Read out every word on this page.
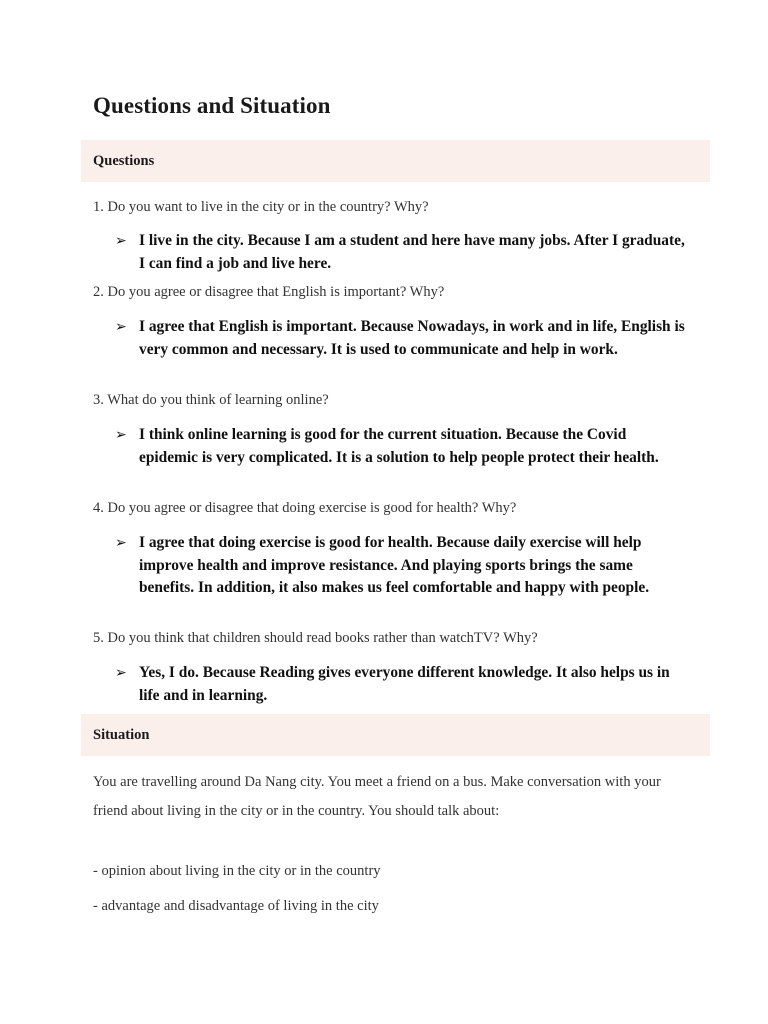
Questions and Situation
Questions

1. Do you want to live in the city or in the country? Why?

➢ I live in the city. Because I am a student and here have many jobs. After I graduate, I can find a job and live here.

2. Do you agree or disagree that English is important? Why?

➢ I agree that English is important. Because Nowadays, in work and in life, English is very common and necessary. It is used to communicate and help in work.

3. What do you think of learning online?

➢ I think online learning is good for the current situation. Because the Covid epidemic is very complicated. It is a solution to help people protect their health.

4. Do you agree or disagree that doing exercise is good for health? Why?

➢ I agree that doing exercise is good for health. Because daily exercise will help improve health and improve resistance. And playing sports brings the same benefits. In addition, it also makes us feel comfortable and happy with people.

5. Do you think that children should read books rather than watchTV? Why?

➢ Yes, I do. Because Reading gives everyone different knowledge. It also helps us in life and in learning.
Situation

You are travelling around Da Nang city. You meet a friend on a bus. Make conversation with your friend about living in the city or in the country. You should talk about:

- opinion about living in the city or in the country

- advantage and disadvantage of living in the city
